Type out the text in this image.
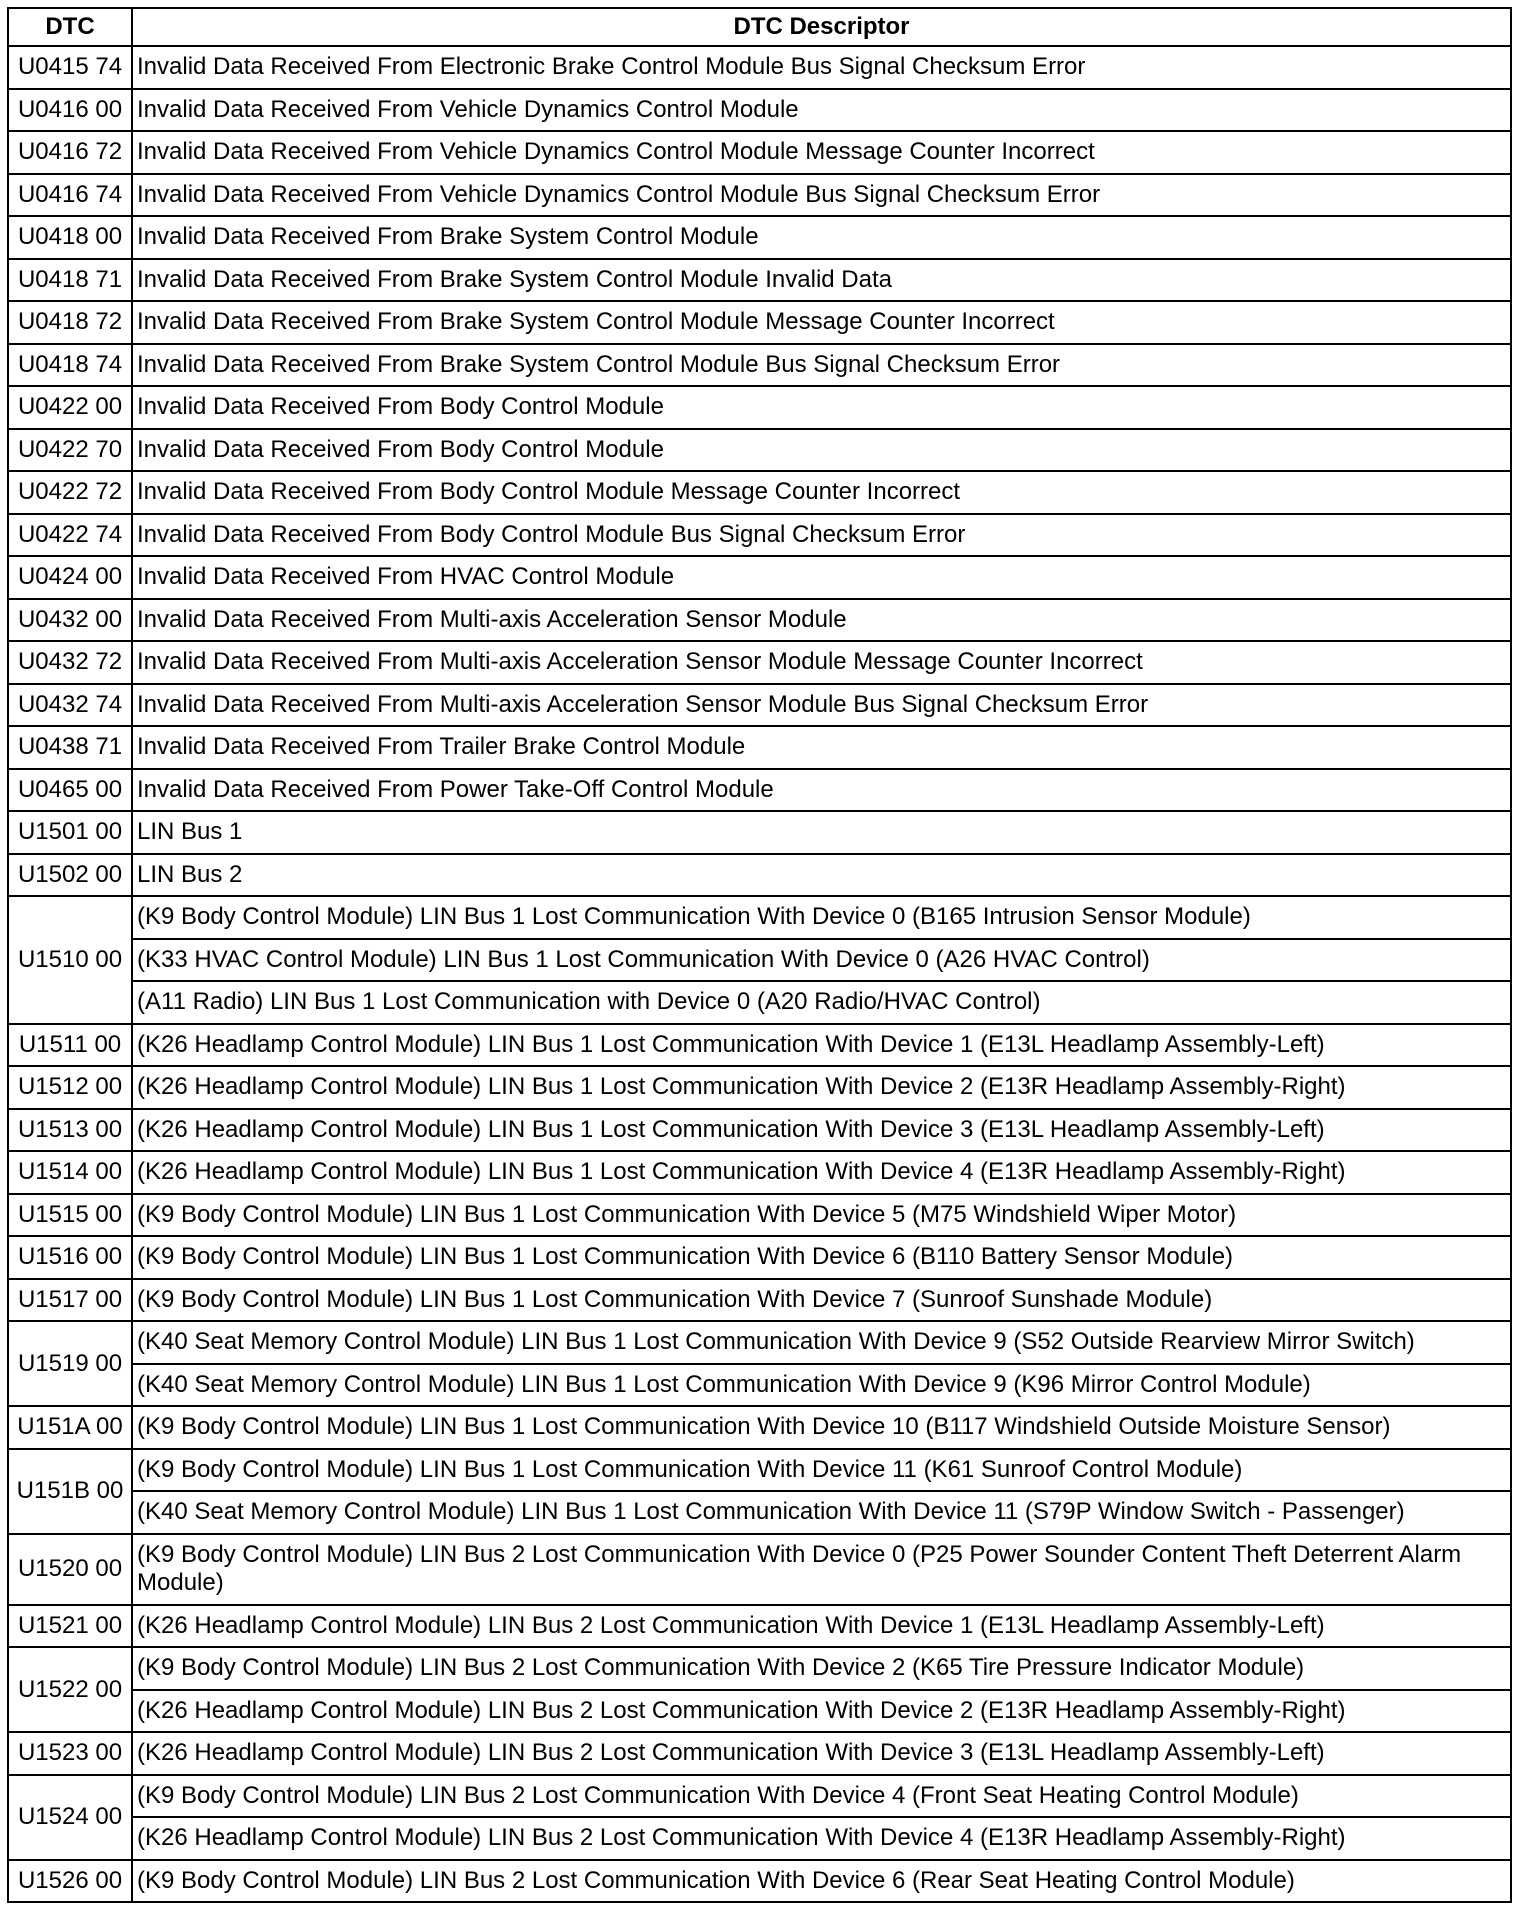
DTC	DTC Descriptor
U0415 74	Invalid Data Received From Electronic Brake Control Module Bus Signal Checksum Error
U0416 00	Invalid Data Received From Vehicle Dynamics Control Module
U0416 72	Invalid Data Received From Vehicle Dynamics Control Module Message Counter Incorrect
U0416 74	Invalid Data Received From Vehicle Dynamics Control Module Bus Signal Checksum Error
U0418 00	Invalid Data Received From Brake System Control Module
U0418 71	Invalid Data Received From Brake System Control Module Invalid Data
U0418 72	Invalid Data Received From Brake System Control Module Message Counter Incorrect
U0418 74	Invalid Data Received From Brake System Control Module Bus Signal Checksum Error
U0422 00	Invalid Data Received From Body Control Module
U0422 70	Invalid Data Received From Body Control Module
U0422 72	Invalid Data Received From Body Control Module Message Counter Incorrect
U0422 74	Invalid Data Received From Body Control Module Bus Signal Checksum Error
U0424 00	Invalid Data Received From HVAC Control Module
U0432 00	Invalid Data Received From Multi-axis Acceleration Sensor Module
U0432 72	Invalid Data Received From Multi-axis Acceleration Sensor Module Message Counter Incorrect
U0432 74	Invalid Data Received From Multi-axis Acceleration Sensor Module Bus Signal Checksum Error
U0438 71	Invalid Data Received From Trailer Brake Control Module
U0465 00	Invalid Data Received From Power Take-Off Control Module
U1501 00	LIN Bus 1
U1502 00	LIN Bus 2
U1510 00	(K9 Body Control Module) LIN Bus 1 Lost Communication With Device 0 (B165 Intrusion Sensor Module)
	(K33 HVAC Control Module) LIN Bus 1 Lost Communication With Device 0 (A26 HVAC Control)
	(A11 Radio) LIN Bus 1 Lost Communication with Device 0 (A20 Radio/HVAC Control)
U1511 00	(K26 Headlamp Control Module) LIN Bus 1 Lost Communication With Device 1 (E13L Headlamp Assembly-Left)
U1512 00	(K26 Headlamp Control Module) LIN Bus 1 Lost Communication With Device 2 (E13R Headlamp Assembly-Right)
U1513 00	(K26 Headlamp Control Module) LIN Bus 1 Lost Communication With Device 3 (E13L Headlamp Assembly-Left)
U1514 00	(K26 Headlamp Control Module) LIN Bus 1 Lost Communication With Device 4 (E13R Headlamp Assembly-Right)
U1515 00	(K9 Body Control Module) LIN Bus 1 Lost Communication With Device 5 (M75 Windshield Wiper Motor)
U1516 00	(K9 Body Control Module) LIN Bus 1 Lost Communication With Device 6 (B110 Battery Sensor Module)
U1517 00	(K9 Body Control Module) LIN Bus 1 Lost Communication With Device 7 (Sunroof Sunshade Module)
U1519 00	(K40 Seat Memory Control Module) LIN Bus 1 Lost Communication With Device 9 (S52 Outside Rearview Mirror Switch)
	(K40 Seat Memory Control Module) LIN Bus 1 Lost Communication With Device 9 (K96 Mirror Control Module)
U151A 00	(K9 Body Control Module) LIN Bus 1 Lost Communication With Device 10 (B117 Windshield Outside Moisture Sensor)
U151B 00	(K9 Body Control Module) LIN Bus 1 Lost Communication With Device 11 (K61 Sunroof Control Module)
	(K40 Seat Memory Control Module) LIN Bus 1 Lost Communication With Device 11 (S79P Window Switch - Passenger)
U1520 00	(K9 Body Control Module) LIN Bus 2 Lost Communication With Device 0 (P25 Power Sounder Content Theft Deterrent Alarm Module)
U1521 00	(K26 Headlamp Control Module) LIN Bus 2 Lost Communication With Device 1 (E13L Headlamp Assembly-Left)
U1522 00	(K9 Body Control Module) LIN Bus 2 Lost Communication With Device 2 (K65 Tire Pressure Indicator Module)
	(K26 Headlamp Control Module) LIN Bus 2 Lost Communication With Device 2 (E13R Headlamp Assembly-Right)
U1523 00	(K26 Headlamp Control Module) LIN Bus 2 Lost Communication With Device 3 (E13L Headlamp Assembly-Left)
U1524 00	(K9 Body Control Module) LIN Bus 2 Lost Communication With Device 4 (Front Seat Heating Control Module)
	(K26 Headlamp Control Module) LIN Bus 2 Lost Communication With Device 4 (E13R Headlamp Assembly-Right)
U1526 00	(K9 Body Control Module) LIN Bus 2 Lost Communication With Device 6 (Rear Seat Heating Control Module)
